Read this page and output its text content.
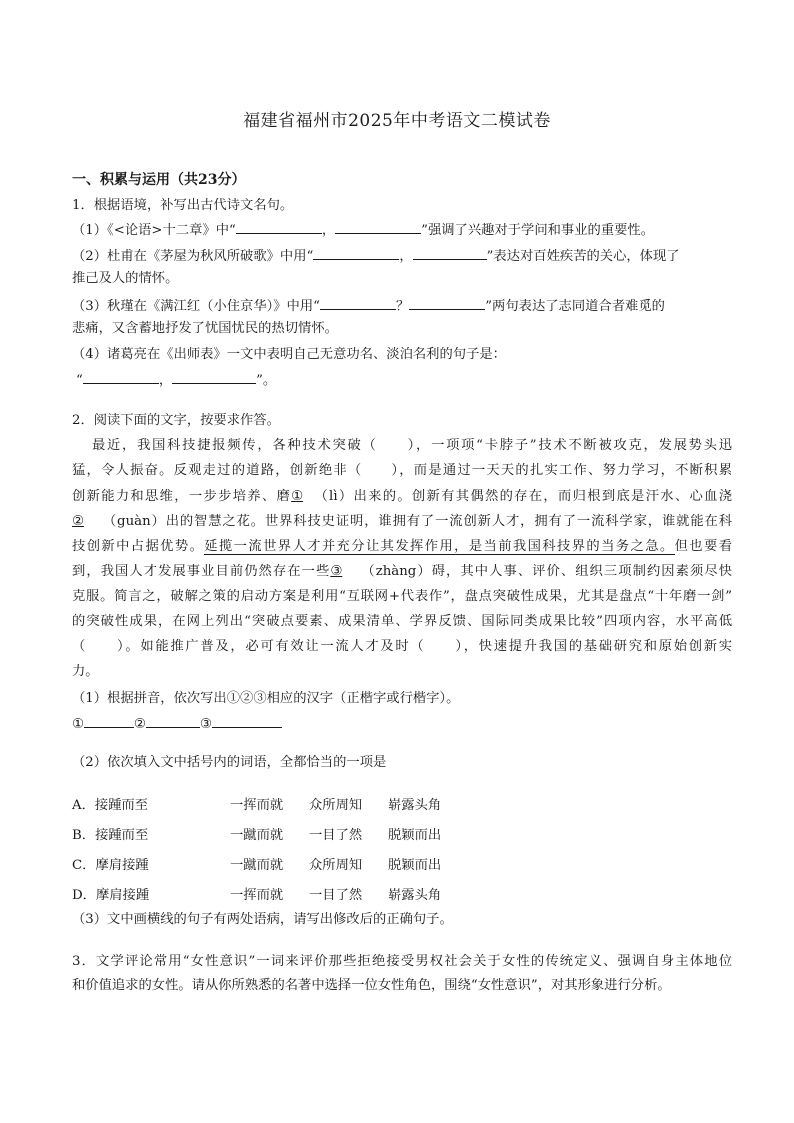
福建省福州市2025年中考语文二模试卷
一、积累与运用（共23分）
1．根据语境，补写出古代诗文名句。
（1）《<论语>十二章》中“	，	”强调了兴趣对于学问和事业的重要性。
（2）杜甫在《茅屋为秋风所破歌》中用“	，	”表达对百姓疾苦的关心，体现了
推己及人的情怀。
（3）秋瑾在《满江红（小住京华）》中用“	？	”两句表达了志同道合者难觅的
悲痛，又含蓄地抒发了忧国忧民的热切情怀。
（4）诸葛亮在《出师表》一文中表明自己无意功名、淡泊名利的句子是：
“	，	”。
2．阅读下面的文字，按要求作答。
最近，我国科技捷报频传，各种技术突破（　　），一项项“卡脖子”技术不断被攻克，发展势头迅
猛，令人振奋。反观走过的道路，创新绝非（　　），而是通过一天天的扎实工作、努力学习，不断积累
创新能力和思维，一步步培养、磨① （lì）出来的。创新有其偶然的存在，而归根到底是汗水、心血浇
② （guàn）出的智慧之花。世界科技史证明，谁拥有了一流创新人才，拥有了一流科学家，谁就能在科
技创新中占据优势。延揽一流世界人才并充分让其发挥作用，是当前我国科技界的当务之急。但也要看
到，我国人才发展事业目前仍然存在一些③ （zhàng）碍，其中人事、评价、组织三项制约因素须尽快
克服。简言之，破解之策的启动方案是利用“互联网+代表作”，盘点突破性成果，尤其是盘点“十年磨一剑”
的突破性成果，在网上列出“突破点要素、成果清单、学界反馈、国际同类成果比较”四项内容，水平高低
（　　）。如能推广普及，必可有效让一流人才及时（　　），快速提升我国的基础研究和原始创新实
力。
（1）根据拼音，依次写出①②③相应的汉字（正楷字或行楷字）。
①	②	③
（2）依次填入文中括号内的词语，全都恰当的一项是
A．接踵而至	一挥而就 众所周知 崭露头角
B．接踵而至	一蹴而就 一目了然 脱颖而出
C．摩肩接踵	一蹴而就 众所周知 脱颖而出
D．摩肩接踵	一挥而就 一目了然 崭露头角
（3）文中画横线的句子有两处语病，请写出修改后的正确句子。
3．文学评论常用“女性意识”一词来评价那些拒绝接受男权社会关于女性的传统定义、强调自身主体地位
和价值追求的女性。请从你所熟悉的名著中选择一位女性角色，围绕“女性意识”，对其形象进行分析。
